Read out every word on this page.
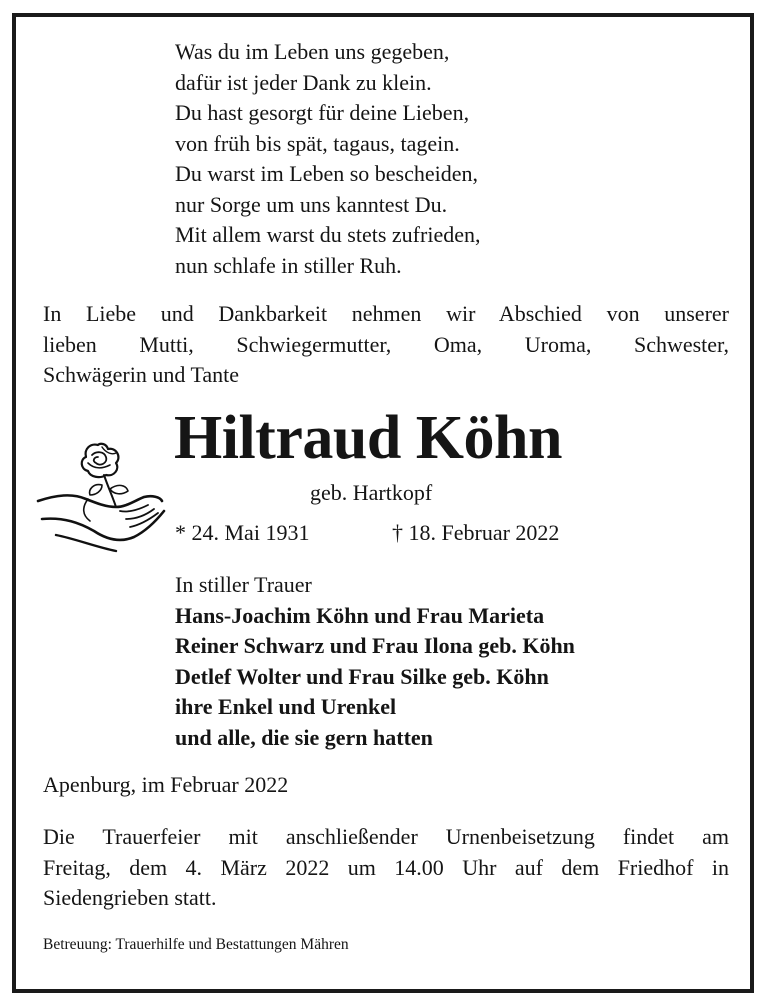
Was du im Leben uns gegeben,
dafür ist jeder Dank zu klein.
Du hast gesorgt für deine Lieben,
von früh bis spät, tagaus, tagein.
Du warst im Leben so bescheiden,
nur Sorge um uns kanntest Du.
Mit allem warst du stets zufrieden,
nun schlafe in stiller Ruh.
In Liebe und Dankbarkeit nehmen wir Abschied von unserer
lieben Mutti, Schwiegermutter, Oma, Uroma, Schwester,
Schwägerin und Tante
Hiltraud Köhn
geb. Hartkopf
* 24. Mai 1931	† 18. Februar 2022
In stiller Trauer
Hans-Joachim Köhn und Frau Marieta
Reiner Schwarz und Frau Ilona geb. Köhn
Detlef Wolter und Frau Silke geb. Köhn
ihre Enkel und Urenkel
und alle, die sie gern hatten
Apenburg, im Februar 2022
Die Trauerfeier mit anschließender Urnenbeisetzung findet am
Freitag, dem 4. März 2022 um 14.00 Uhr auf dem Friedhof in
Siedengrieben statt.
Betreuung: Trauerhilfe und Bestattungen Mähren
